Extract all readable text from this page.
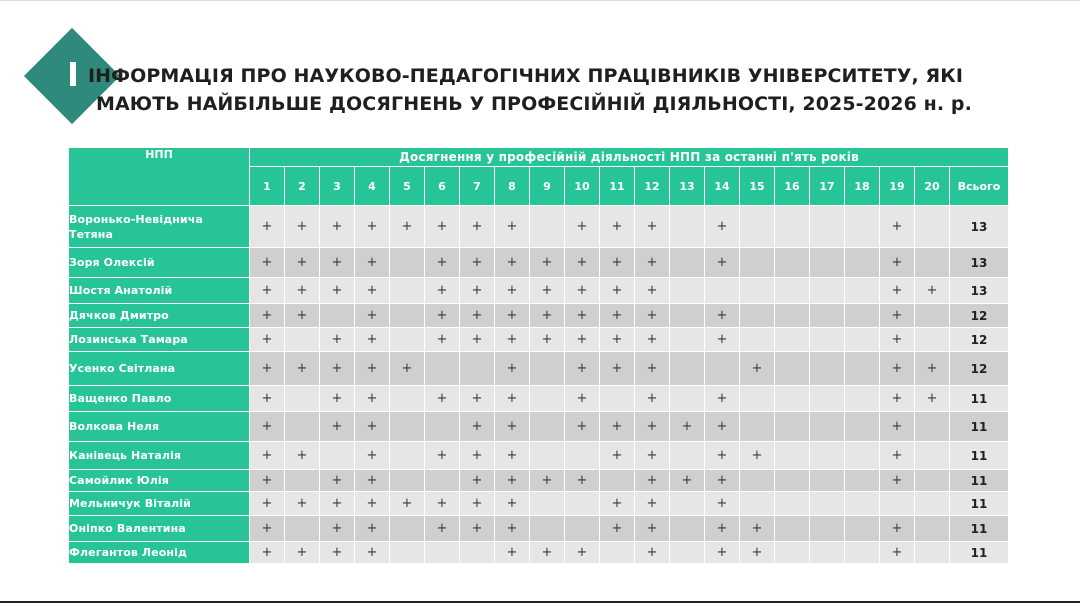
ІНФОРМАЦІЯ ПРО НАУКОВО-ПЕДАГОГІЧНИХ ПРАЦІВНИКІВ УНІВЕРСИТЕТУ, ЯКІ
МАЮТЬ НАЙБІЛЬШЕ ДОСЯГНЕНЬ У ПРОФЕСІЙНІЙ ДІЯЛЬНОСТІ, 2025-2026 н. р.
НПП	Досягнення у професійній діяльності НПП за останні п'ять років																				
	1	2	3	4	5	6	7	8	9	10	11	12	13	14	15	16	17	18	19	20	Всього
Воронько-Невіднича Тетяна	+	+	+	+	+	+	+	+		+	+	+		+					+		13
Зоря Олексій	+	+	+	+		+	+	+	+	+	+	+		+					+		13
Шостя Анатолій	+	+	+	+		+	+	+	+	+	+	+							+	+	13
Дячков Дмитро	+	+		+		+	+	+	+	+	+	+		+					+		12
Лозинська Тамара	+		+	+		+	+	+	+	+	+	+		+					+		12
Усенко Світлана	+	+	+	+	+			+		+	+	+			+				+	+	12
Ващенко Павло	+		+	+		+	+	+		+		+		+					+	+	11
Волкова Неля	+		+	+			+	+		+	+	+	+	+					+		11
Канівець Наталія	+	+		+		+	+	+			+	+		+	+				+		11
Самойлик Юлія	+		+	+			+	+	+	+		+	+	+					+		11
Мельничук Віталій	+	+	+	+	+	+	+	+			+	+		+							11
Оніпко Валентина	+		+	+		+	+	+			+	+		+	+				+		11
Флегантов Леонід	+	+	+	+				+	+	+		+		+	+				+		11
